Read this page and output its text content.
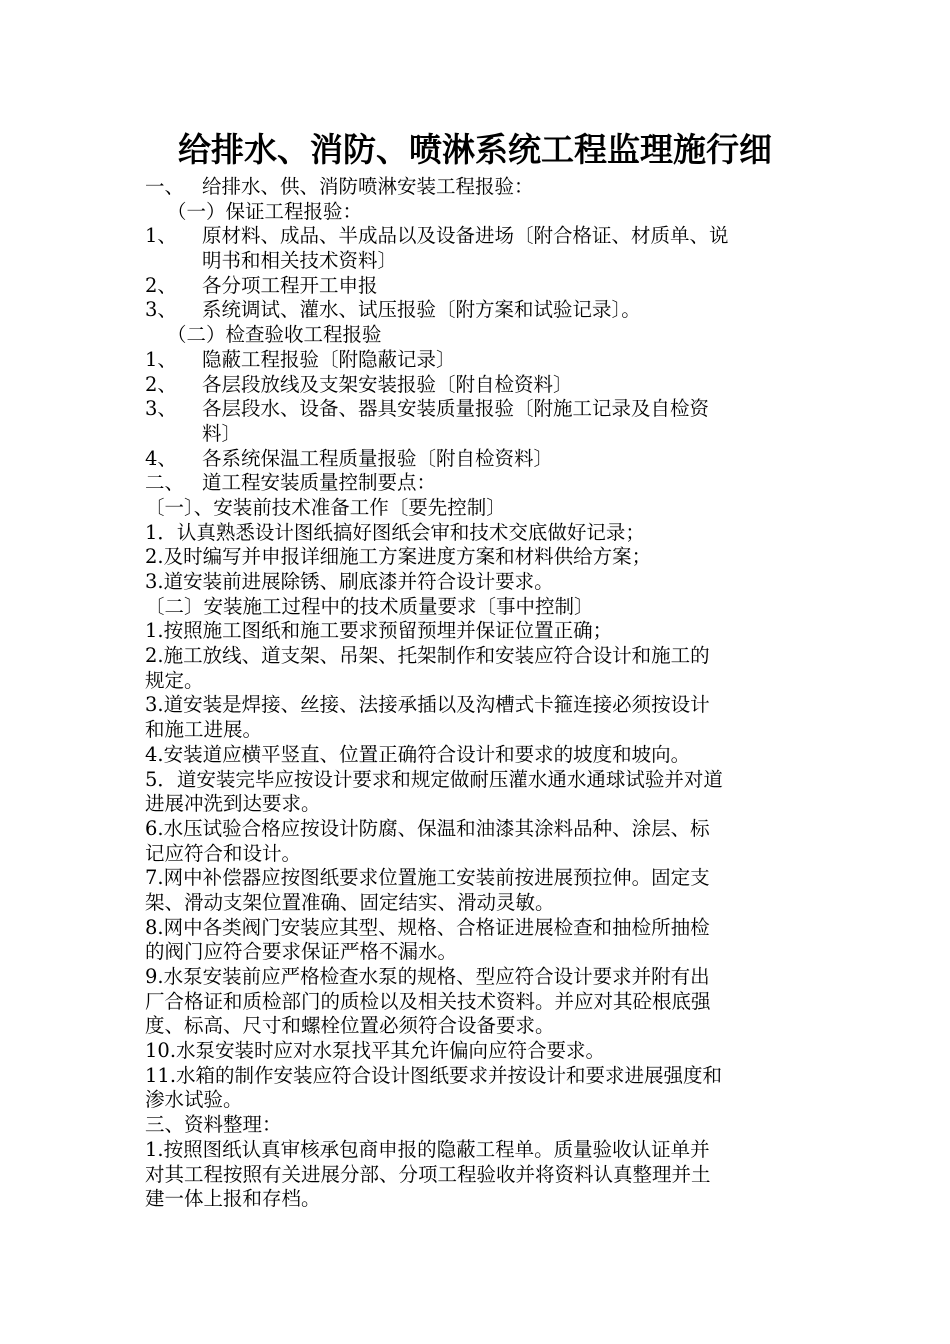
给排水、消防、喷淋系统工程监理施行细
一、 给排水、供、消防喷淋安装工程报验：
（一）保证工程报验：
1、 原材料、成品、半成品以及设备进场〔附合格证、材质单、说
明书和相关技术资料〕
2、 各分项工程开工申报
3、 系统调试、灌水、试压报验〔附方案和试验记录〕。
（二）检查验收工程报验
1、 隐蔽工程报验〔附隐蔽记录〕
2、 各层段放线及支架安装报验〔附自检资料〕
3、 各层段水、设备、器具安装质量报验〔附施工记录及自检资
料〕
4、 各系统保温工程质量报验〔附自检资料〕
二、 道工程安装质量控制要点：
〔一〕、安装前技术准备工作〔要先控制〕
1．认真熟悉设计图纸搞好图纸会审和技术交底做好记录；
2.及时编写并申报详细施工方案进度方案和材料供给方案；
3.道安装前进展除锈、刷底漆并符合设计要求。
〔二〕安装施工过程中的技术质量要求〔事中控制〕
1.按照施工图纸和施工要求预留预埋并保证位置正确；
2.施工放线、道支架、吊架、托架制作和安装应符合设计和施工的
规定。
3.道安装是焊接、丝接、法接承插以及沟槽式卡箍连接必须按设计
和施工进展。
4.安装道应横平竖直、位置正确符合设计和要求的坡度和坡向。
5．道安装完毕应按设计要求和规定做耐压灌水通水通球试验并对道
进展冲洗到达要求。
6.水压试验合格应按设计防腐、保温和油漆其涂料品种、涂层、标
记应符合和设计。
7.网中补偿器应按图纸要求位置施工安装前按进展预拉伸。固定支
架、滑动支架位置准确、固定结实、滑动灵敏。
8.网中各类阀门安装应其型、规格、合格证进展检查和抽检所抽检
的阀门应符合要求保证严格不漏水。
9.水泵安装前应严格检查水泵的规格、型应符合设计要求并附有出
厂合格证和质检部门的质检以及相关技术资料。并应对其砼根底强
度、标高、尺寸和螺栓位置必须符合设备要求。
10.水泵安装时应对水泵找平其允许偏向应符合要求。
11.水箱的制作安装应符合设计图纸要求并按设计和要求进展强度和
渗水试验。
三、资料整理：
1.按照图纸认真审核承包商申报的隐蔽工程单。质量验收认证单并
对其工程按照有关进展分部、分项工程验收并将资料认真整理并土
建一体上报和存档。
